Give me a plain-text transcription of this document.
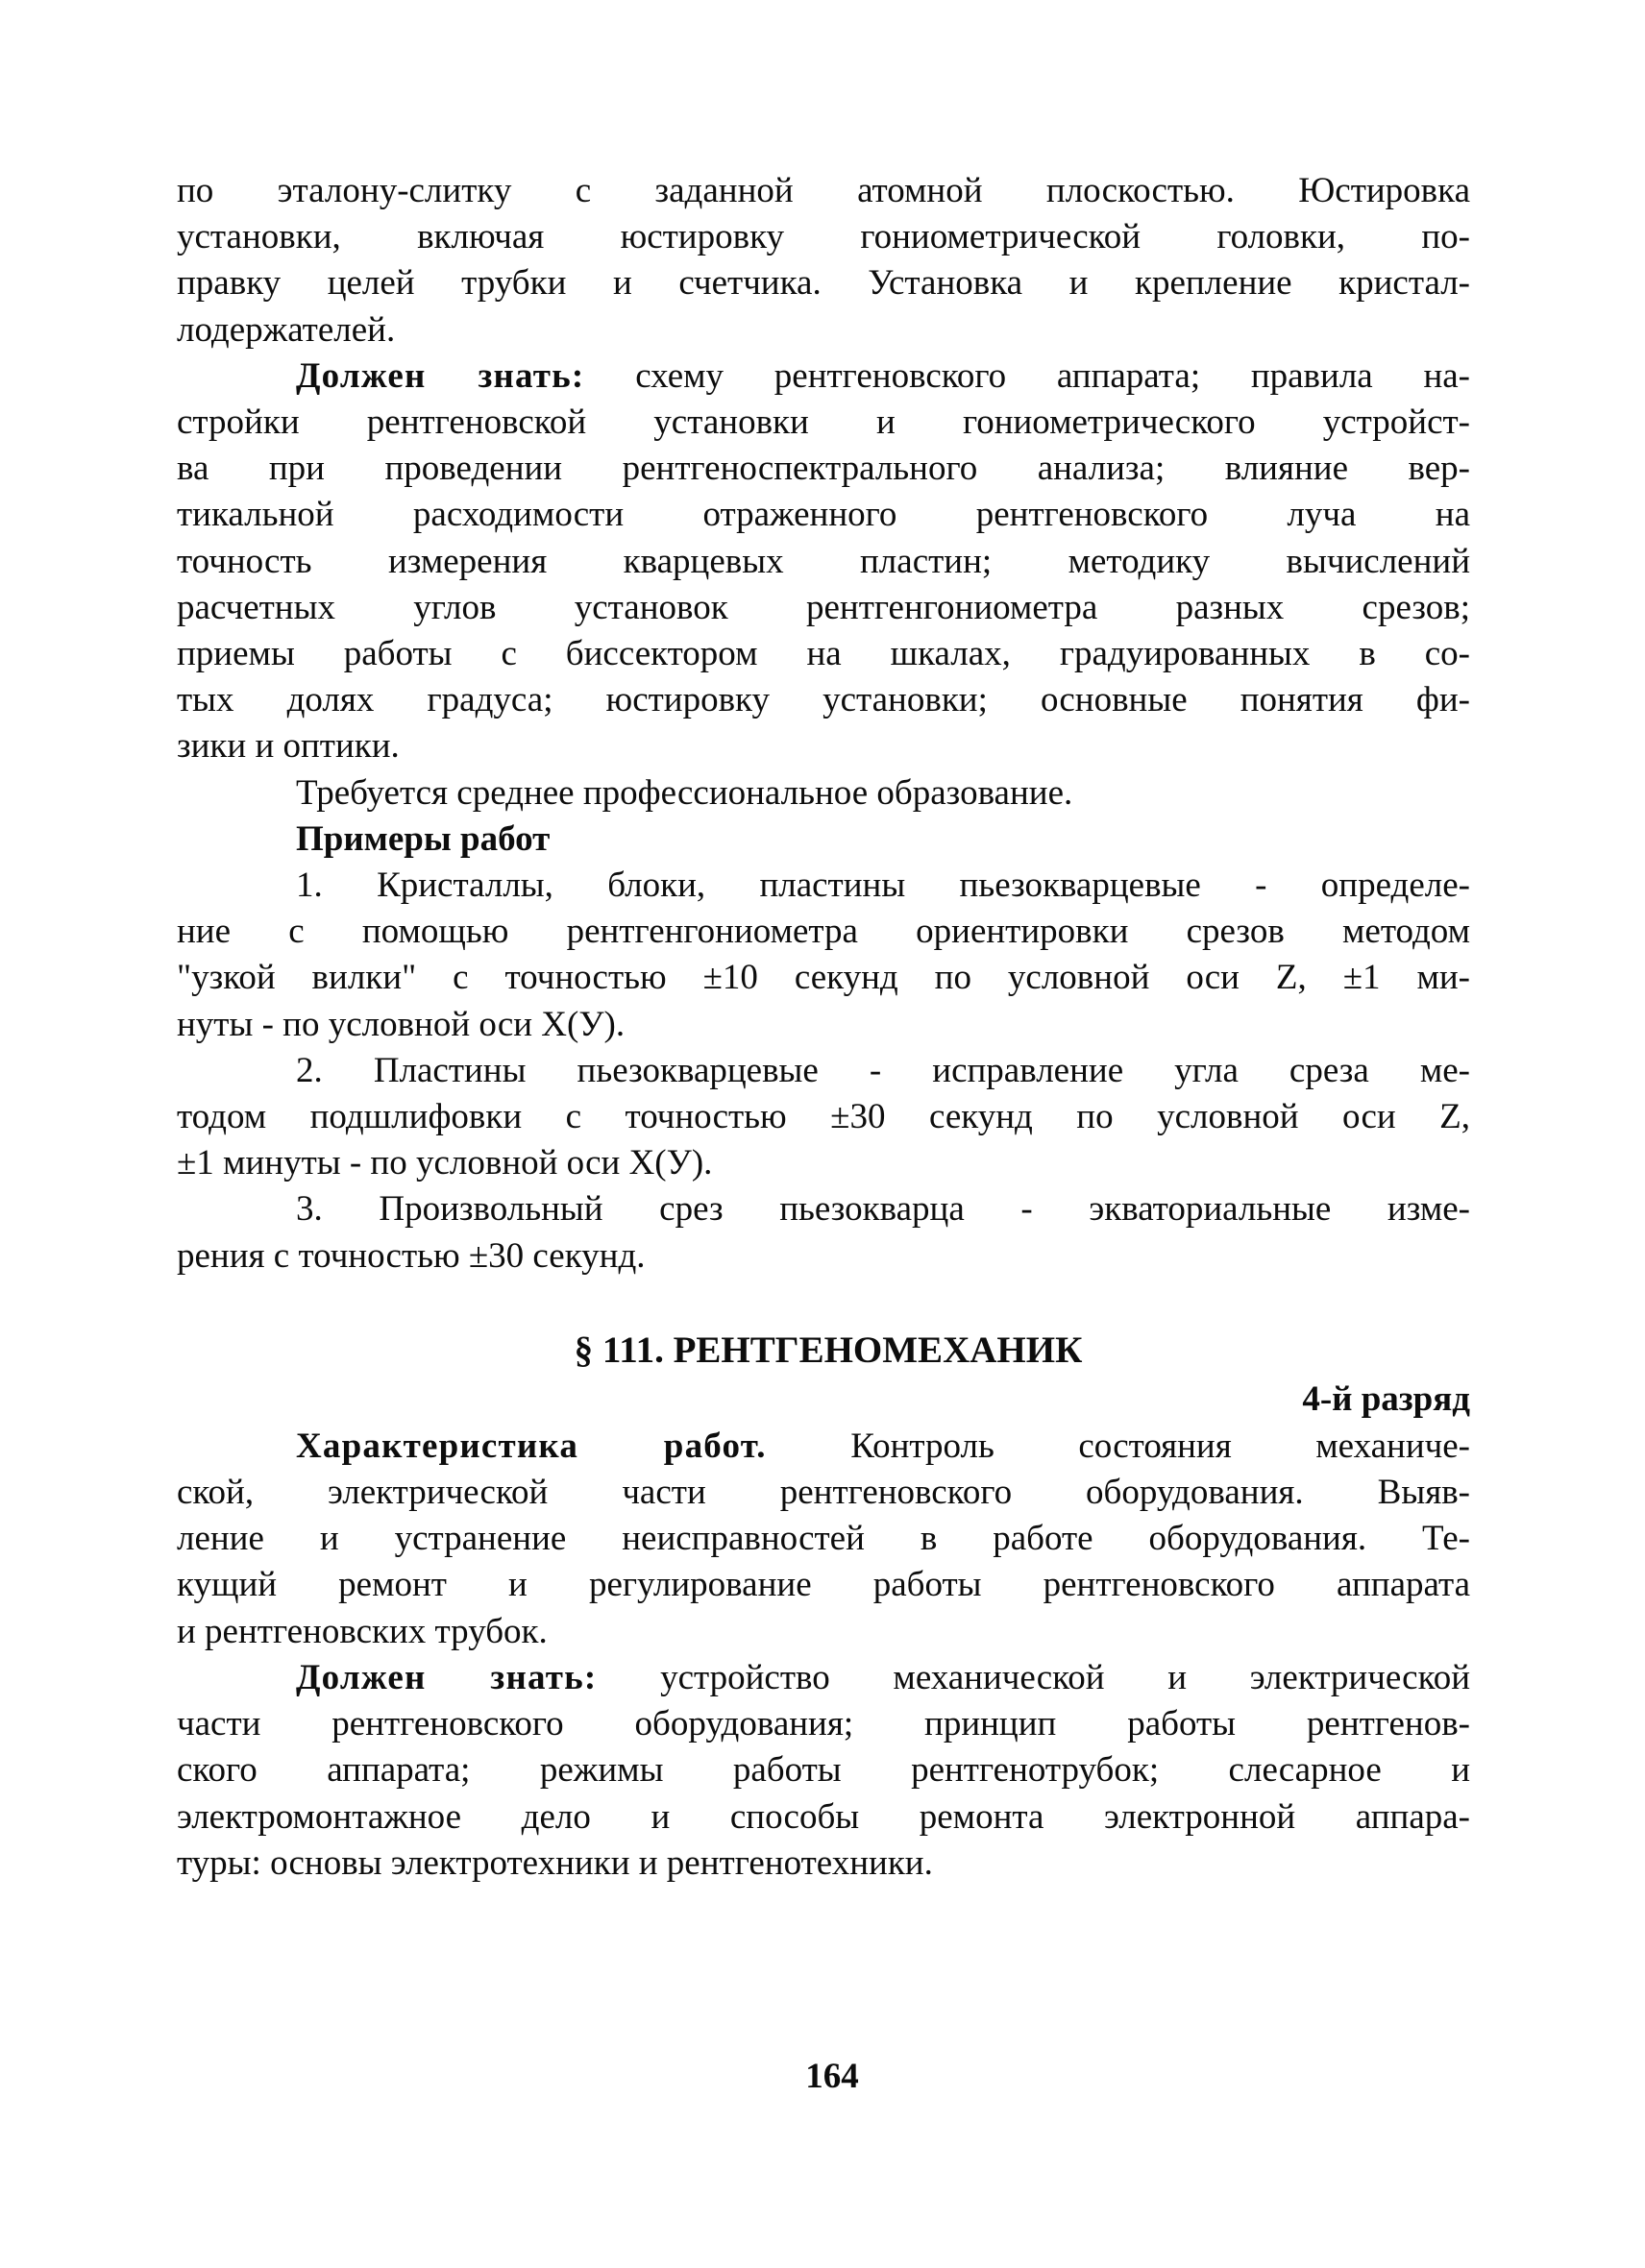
по эталону-слитку с заданной атомной плоскостью. Юстировка
установки, включая юстировку гониометрической головки, по-
правку целей трубки и счетчика. Установка и крепление кристал-
лодержателей.
Должен знать: схему рентгеновского аппарата; правила на-
стройки рентгеновской установки и гониометрического устройст-
ва при проведении рентгеноспектрального анализа; влияние вер-
тикальной расходимости отраженного рентгеновского луча на
точность измерения кварцевых пластин; методику вычислений
расчетных углов установок рентгенгониометра разных срезов;
приемы работы с биссектором на шкалах, градуированных в со-
тых долях градуса; юстировку установки; основные понятия фи-
зики и оптики.
Требуется среднее профессиональное образование.
Примеры работ
1. Кристаллы, блоки, пластины пьезокварцевые - определе-
ние с помощью рентгенгониометра ориентировки срезов методом
"узкой вилки" с точностью ±10 секунд по условной оси Z, ±1 ми-
нуты - по условной оси Х(У).
2. Пластины пьезокварцевые - исправление угла среза ме-
тодом подшлифовки с точностью ±30 секунд по условной оси Z,
±1 минуты - по условной оси Х(У).
3. Произвольный срез пьезокварца - экваториальные изме-
рения с точностью ±30 секунд.
§ 111. РЕНТГЕНОМЕХАНИК
4-й разряд
Характеристика работ. Контроль состояния механиче-
ской, электрической части рентгеновского оборудования. Выяв-
ление и устранение неисправностей в работе оборудования. Те-
кущий ремонт и регулирование работы рентгеновского аппарата
и рентгеновских трубок.
Должен знать: устройство механической и электрической
части рентгеновского оборудования; принцип работы рентгенов-
ского аппарата; режимы работы рентгенотрубок; слесарное и
электромонтажное дело и способы ремонта электронной аппара-
туры: основы электротехники и рентгенотехники.
164
